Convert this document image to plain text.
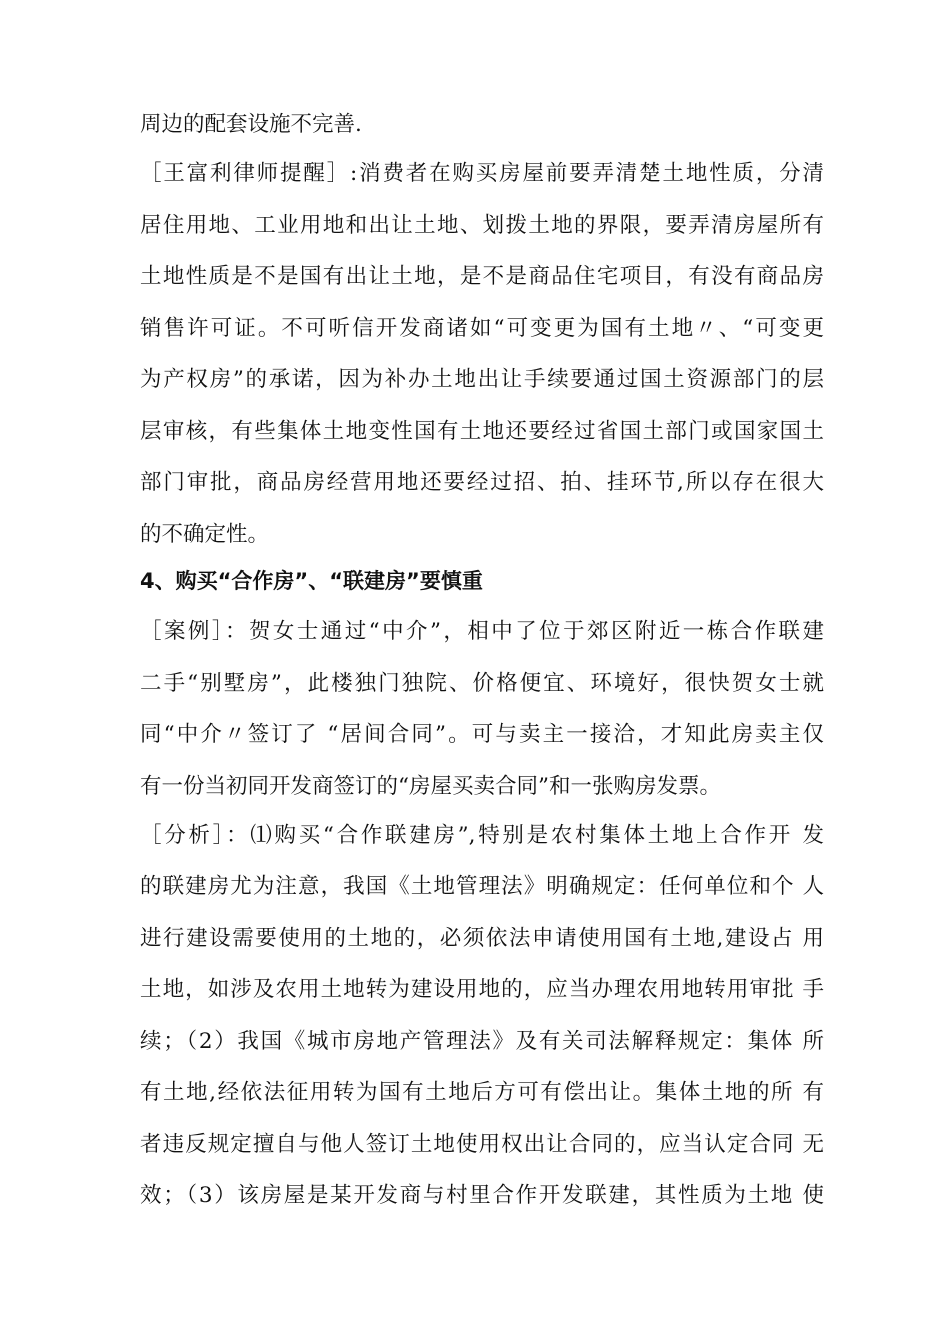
周边的配套设施不完善.
［王富利律师提醒］:消费者在购买房屋前要弄清楚土地性质，分清
居住用地、工业用地和出让土地、划拨土地的界限，要弄清房屋所有
土地性质是不是国有出让土地，是不是商品住宅项目，有没有商品房
销售许可证。不可听信开发商诸如“可变更为国有土地〃、“可变更
为产权房”的承诺，因为补办土地出让手续要通过国土资源部门的层
层审核，有些集体土地变性国有土地还要经过省国土部门或国家国土
部门审批，商品房经营用地还要经过招、拍、挂环节,所以存在很大
的不确定性。
4、购买“合作房”、“联建房”要慎重
［案例］：贺女士通过“中介”，相中了位于郊区附近一栋合作联建
二手“别墅房”，此楼独门独院、价格便宜、环境好，很快贺女士就
同“中介〃签订了 “居间合同”。可与卖主一接洽，才知此房卖主仅
有一份当初同开发商签订的“房屋买卖合同”和一张购房发票。
［分析］：⑴购买“合作联建房”,特别是农村集体土地上合作开 发
的联建房尤为注意，我国《土地管理法》明确规定：任何单位和个 人
进行建设需要使用的土地的，必须依法申请使用国有土地,建设占 用
土地，如涉及农用土地转为建设用地的，应当办理农用地转用审批 手
续；（2）我国《城市房地产管理法》及有关司法解释规定：集体 所
有土地,经依法征用转为国有土地后方可有偿出让。集体土地的所 有
者违反规定擅自与他人签订土地使用权出让合同的，应当认定合同 无
效；（3）该房屋是某开发商与村里合作开发联建，其性质为土地 使
